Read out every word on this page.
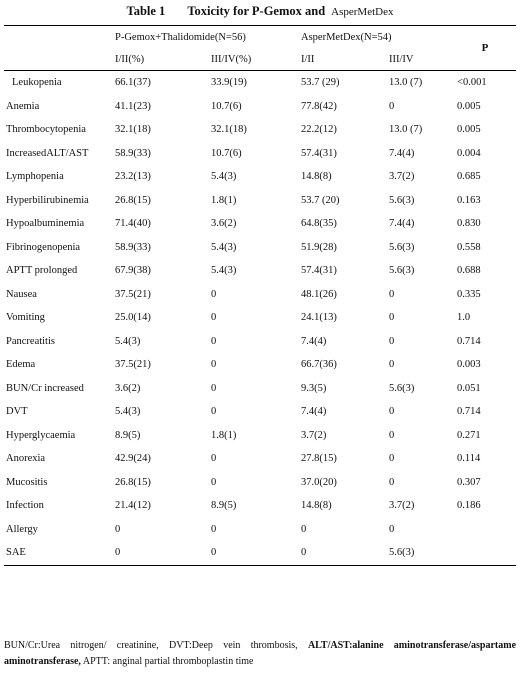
Table 1 Toxicity for P-Gemox and AsperMetDex
	P-Gemox+Thalidomide(N=56)		AsperMetDex(N=54)		P
	I/II(%)	III/IV(%)	I/II	III/IV	
Leukopenia	66.1(37)	33.9(19)	53.7 (29)	13.0 (7)	<0.001
Anemia	41.1(23)	10.7(6)	77.8(42)	0	0.005
Thrombocytopenia	32.1(18)	32.1(18)	22.2(12)	13.0 (7)	0.005
IncreasedALT/AST	58.9(33)	10.7(6)	57.4(31)	7.4(4)	0.004
Lymphopenia	23.2(13)	5.4(3)	14.8(8)	3.7(2)	0.685
Hyperbilirubinemia	26.8(15)	1.8(1)	53.7 (20)	5.6(3)	0.163
Hypoalbuminemia	71.4(40)	3.6(2)	64.8(35)	7.4(4)	0.830
Fibrinogenopenia	58.9(33)	5.4(3)	51.9(28)	5.6(3)	0.558
APTT prolonged	67.9(38)	5.4(3)	57.4(31)	5.6(3)	0.688
Nausea	37.5(21)	0	48.1(26)	0	0.335
Vomiting	25.0(14)	0	24.1(13)	0	1.0
Pancreatitis	5.4(3)	0	7.4(4)	0	0.714
Edema	37.5(21)	0	66.7(36)	0	0.003
BUN/Cr increased	3.6(2)	0	9.3(5)	5.6(3)	0.051
DVT	5.4(3)	0	7.4(4)	0	0.714
Hyperglycaemia	8.9(5)	1.8(1)	3.7(2)	0	0.271
Anorexia	42.9(24)	0	27.8(15)	0	0.114
Mucositis	26.8(15)	0	37.0(20)	0	0.307
Infection	21.4(12)	8.9(5)	14.8(8)	3.7(2)	0.186
Allergy	0	0	0	0	
SAE	0	0	0	5.6(3)	
BUN/Cr:Urea nitrogen/ creatinine, DVT:Deep vein thrombosis, ALT/AST:alanine aminotransferase/aspartame aminotransferase, APTT: anginal partial thromboplastin time
